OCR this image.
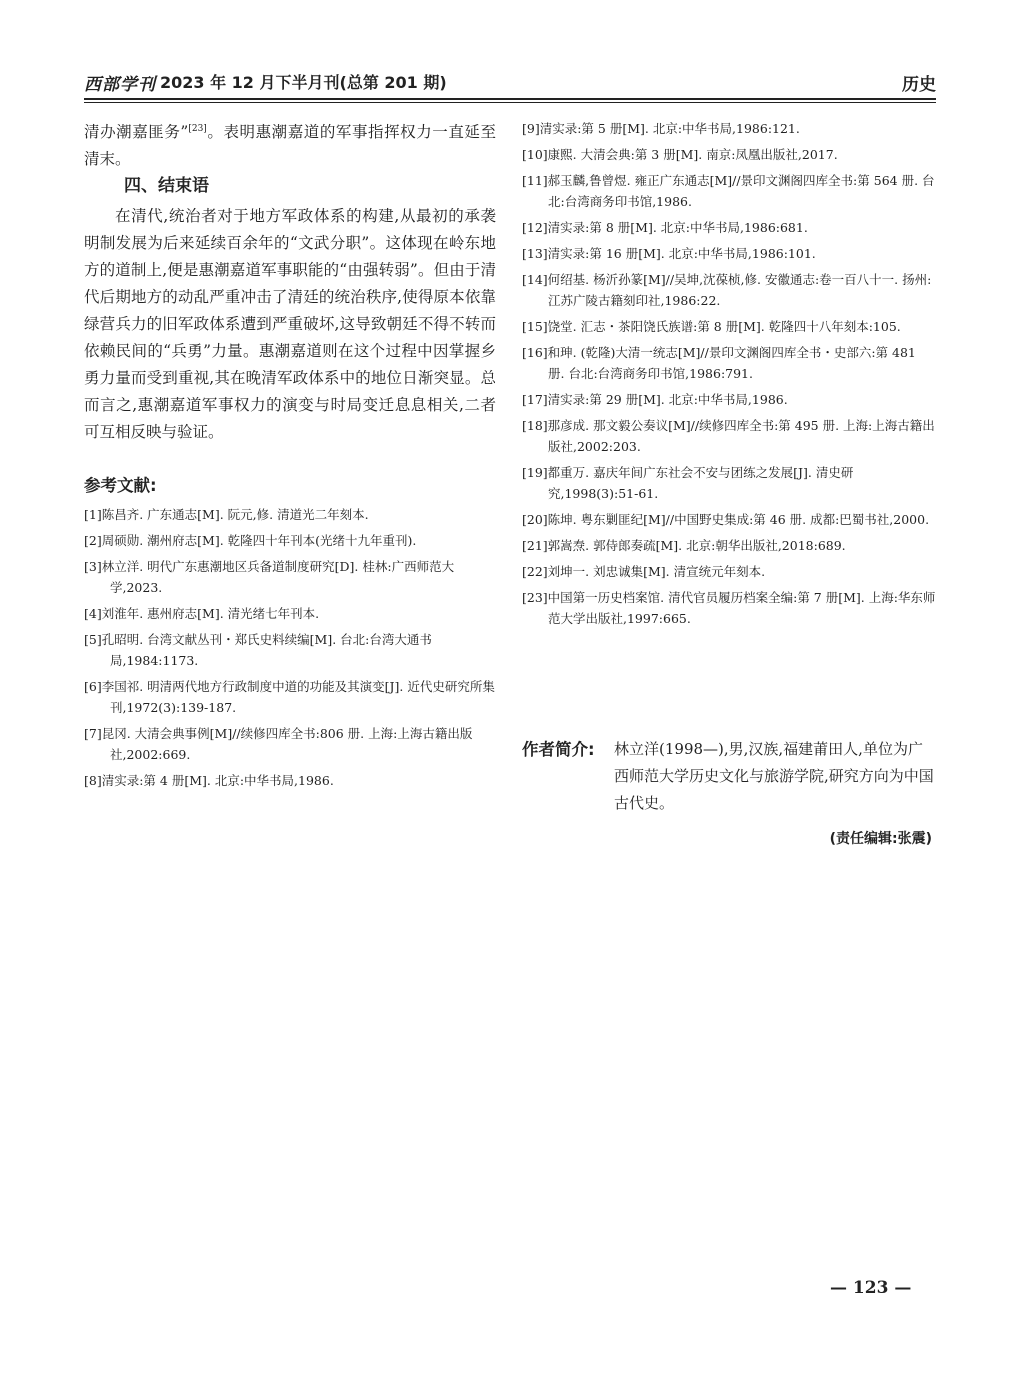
西部学刊 2023 年 12 月下半月刊(总第 201 期)	历史

清办潮嘉匪务”[23]。表明惠潮嘉道的军事指挥权力一直延至清末。

四、结束语

在清代,统治者对于地方军政体系的构建,从最初的承袭明制发展为后来延续百余年的“文武分职”。这体现在岭东地方的道制上,便是惠潮嘉道军事职能的“由强转弱”。但由于清代后期地方的动乱严重冲击了清廷的统治秩序,使得原本依靠绿营兵力的旧军政体系遭到严重破坏,这导致朝廷不得不转而依赖民间的“兵勇”力量。惠潮嘉道则在这个过程中因掌握乡勇力量而受到重视,其在晚清军政体系中的地位日渐突显。总而言之,惠潮嘉道军事权力的演变与时局变迁息息相关,二者可互相反映与验证。

参考文献:
[1]陈昌齐. 广东通志[M]. 阮元,修. 清道光二年刻本.
[2]周硕勋. 潮州府志[M]. 乾隆四十年刊本(光绪十九年重刊).
[3]林立洋. 明代广东惠潮地区兵备道制度研究[D]. 桂林:广西师范大学,2023.
[4]刘淮年. 惠州府志[M]. 清光绪七年刊本.
[5]孔昭明. 台湾文献丛刊・郑氏史料续编[M]. 台北:台湾大通书局,1984:1173.
[6]李国祁. 明清两代地方行政制度中道的功能及其演变[J]. 近代史研究所集刊,1972(3):139-187.
[7]昆冈. 大清会典事例[M]//续修四库全书:806 册. 上海:上海古籍出版社,2002:669.
[8]清实录:第 4 册[M]. 北京:中华书局,1986.
[9]清实录:第 5 册[M]. 北京:中华书局,1986:121.
[10]康熙. 大清会典:第 3 册[M]. 南京:凤凰出版社,2017.
[11]郝玉麟,鲁曾煜. 雍正广东通志[M]//景印文渊阁四库全书:第 564 册. 台北:台湾商务印书馆,1986.
[12]清实录:第 8 册[M]. 北京:中华书局,1986:681.
[13]清实录:第 16 册[M]. 北京:中华书局,1986:101.
[14]何绍基. 杨沂孙篆[M]//吴坤,沈葆桢,修. 安徽通志:卷一百八十一. 扬州:江苏广陵古籍刻印社,1986:22.
[15]饶堂. 汇志・茶阳饶氏族谱:第 8 册[M]. 乾隆四十八年刻本:105.
[16]和珅. (乾隆)大清一统志[M]//景印文渊阁四库全书・史部六:第 481 册. 台北:台湾商务印书馆,1986:791.
[17]清实录:第 29 册[M]. 北京:中华书局,1986.
[18]那彦成. 那文毅公奏议[M]//续修四库全书:第 495 册. 上海:上海古籍出版社,2002:203.
[19]都重万. 嘉庆年间广东社会不安与团练之发展[J]. 清史研究,1998(3):51-61.
[20]陈坤. 粤东剿匪纪[M]//中国野史集成:第 46 册. 成都:巴蜀书社,2000.
[21]郭嵩焘. 郭侍郎奏疏[M]. 北京:朝华出版社,2018:689.
[22]刘坤一. 刘忠诚集[M]. 清宣统元年刻本.
[23]中国第一历史档案馆. 清代官员履历档案全编:第 7 册[M]. 上海:华东师范大学出版社,1997:665.
作者简介: 林立洋(1998—),男,汉族,福建莆田人,单位为广西师范大学历史文化与旅游学院,研究方向为中国古代史。
(责任编辑:张震)
— 123 —
